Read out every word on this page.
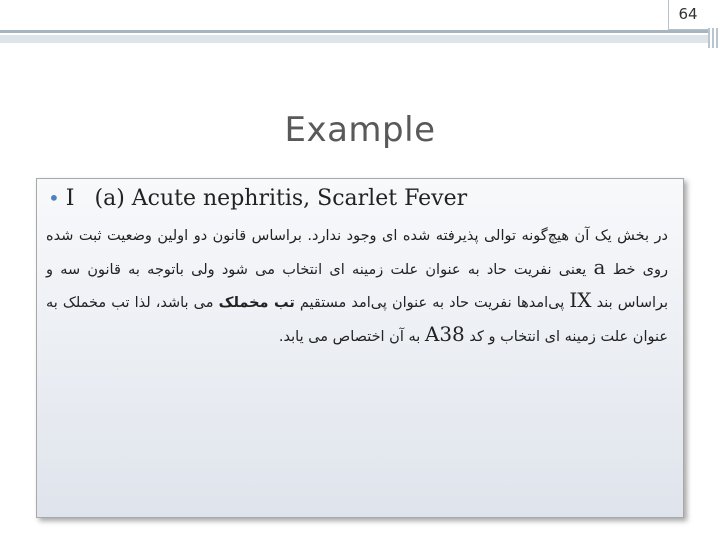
64
Example
• I (a) Acute nephritis, Scarlet Fever
در بخش یک آن هیچ‌گونه توالی پذیرفته شده ای وجود ندارد. براساس قانون دو اولین وضعیت ثبت شده روی خط a یعنی نفریت حاد به عنوان علت زمینه ای انتخاب می شود ولی باتوجه به قانون سه و براساس بند IX پی‌امدها نفریت حاد به عنوان پی‌امد مستقیم تب مخملک می باشد، لذا تب مخملک به عنوان علت زمینه ای انتخاب و کد A38 به آن اختصاص می یابد.
